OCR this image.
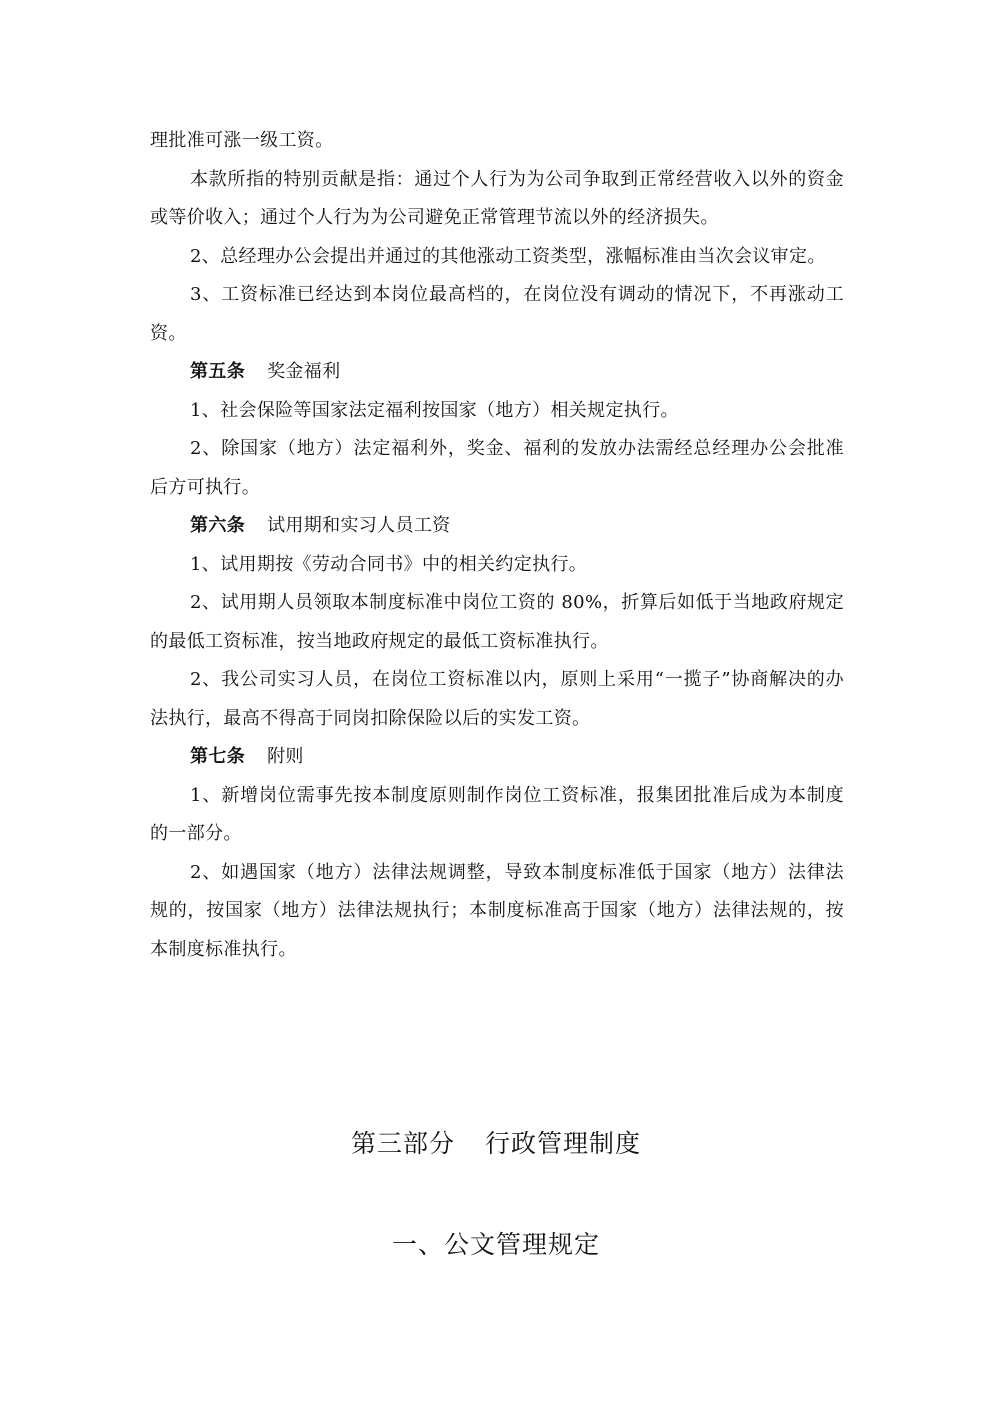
理批准可涨一级工资。

本款所指的特别贡献是指：通过个人行为为公司争取到正常经营收入以外的资金或等价收入；通过个人行为为公司避免正常管理节流以外的经济损失。

2、总经理办公会提出并通过的其他涨动工资类型，涨幅标准由当次会议审定。

3、工资标准已经达到本岗位最高档的，在岗位没有调动的情况下，不再涨动工资。

第五条 奖金福利

1、社会保险等国家法定福利按国家（地方）相关规定执行。

2、除国家（地方）法定福利外，奖金、福利的发放办法需经总经理办公会批准后方可执行。

第六条 试用期和实习人员工资

1、试用期按《劳动合同书》中的相关约定执行。

2、试用期人员领取本制度标准中岗位工资的 80%，折算后如低于当地政府规定的最低工资标准，按当地政府规定的最低工资标准执行。

2、我公司实习人员，在岗位工资标准以内，原则上采用“一揽子”协商解决的办法执行，最高不得高于同岗扣除保险以后的实发工资。

第七条 附则

1、新增岗位需事先按本制度原则制作岗位工资标准，报集团批准后成为本制度的一部分。

2、如遇国家（地方）法律法规调整，导致本制度标准低于国家（地方）法律法规的，按国家（地方）法律法规执行；本制度标准高于国家（地方）法律法规的，按本制度标准执行。

第三部分 行政管理制度
一、公文管理规定
